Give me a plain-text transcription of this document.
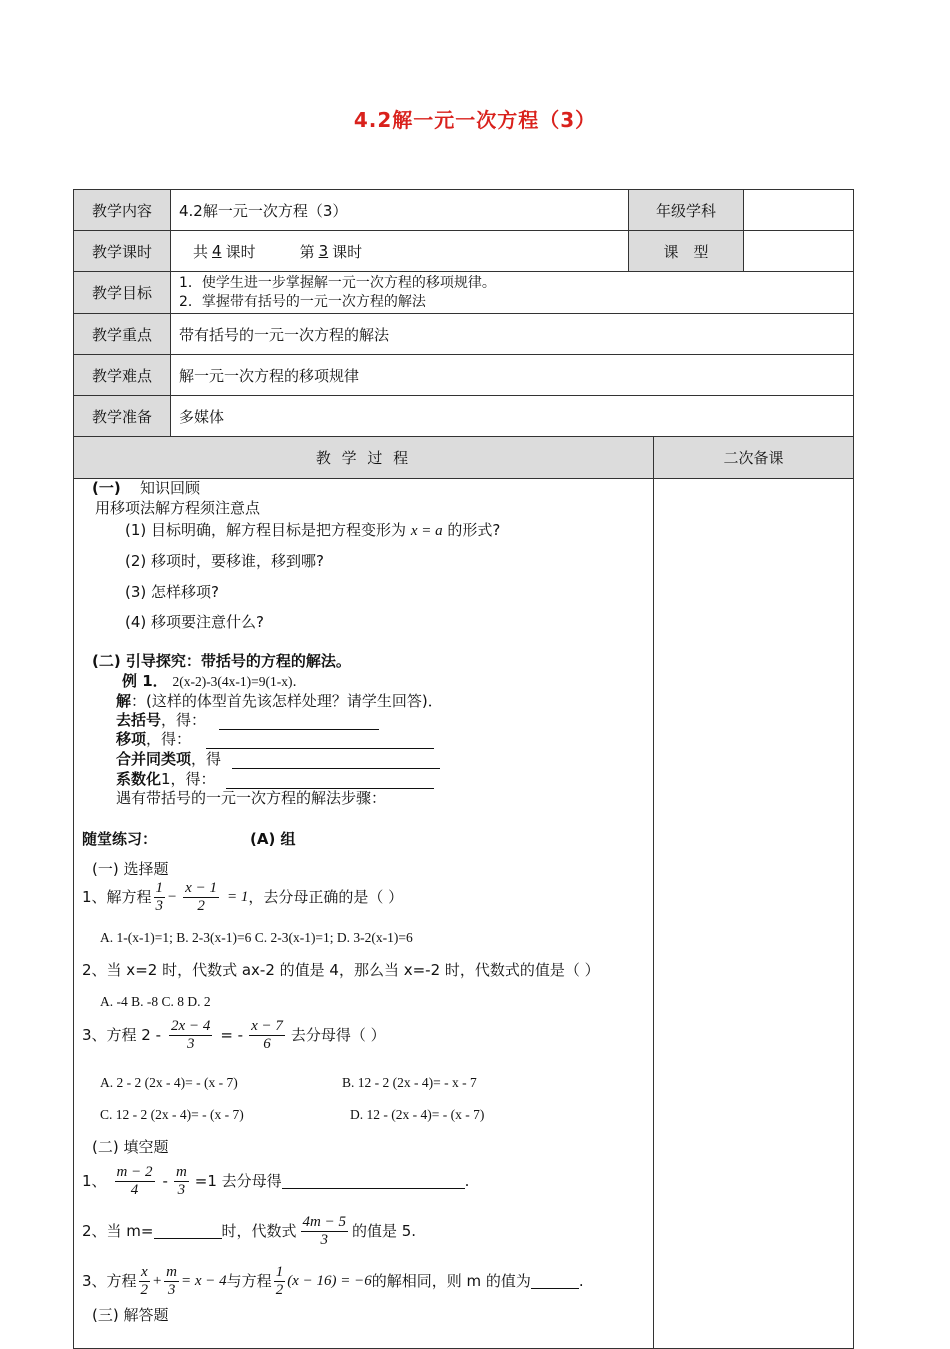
4.2解一元一次方程（3）
教学内容	4.2解一元一次方程（3）	年级学科
教学课时	共 4 课时	第 3 课时	课　型
教学目标
1．使学生进一步掌握解一元一次方程的移项规律。
2．掌握带有括号的一元一次方程的解法
教学重点	带有括号的一元一次方程的解法
教学难点	解一元一次方程的移项规律
教学准备	多媒体
教 学 过 程	二次备课
(一) 知识回顾
用移项法解方程须注意点
(1) 目标明确，解方程目标是把方程变形为 x = a 的形式?
(2) 移项时，要移谁，移到哪?
(3) 怎样移项?
(4) 移项要注意什么?
(二) 引导探究：带括号的方程的解法。
例 1． 2(x-2)-3(4x-1)=9(1-x)．
解：(这样的体型首先该怎样处理？请学生回答)．
去括号，得：
移项，得：
合并同类项，得
系数化1，得：
遇有带括号的一元一次方程的解法步骤：
随堂练习：	(A) 组
(一) 选择题
1、解方程 $\frac{1}{3} - \frac{x - 1}{2} = 1$ ，去分母正确的是（ ）
A. 1-(x-1)=1; B. 2-3(x-1)=6 C. 2-3(x-1)=1; D. 3-2(x-1)=6
2、当 x=2 时，代数式 ax-2 的值是 4，那么当 x=-2 时，代数式的值是（ ）
A. -4 B. -8 C. 8 D. 2
3、方程 $2 - \frac{2x - 4}{3}$ = - $\frac{x - 7}{6}$ 去分母得（ ）
A. 2 - 2 (2x - 4)= - (x - 7)	B. 12 - 2 (2x - 4)= - x - 7
C. 12 - 2 (2x - 4)= - (x - 7)	D. 12 - (2x - 4)= - (x - 7)
(二) 填空题
1、 $\frac{m - 2}{4} - \frac{m}{3} =1$ 去分母得	.
2、当 m=	时，代数式 $\frac{4m - 5}{3}$ 的值是 5.
3、方程 $\frac{x}{2} + \frac{m}{3} = x - 4$ 与方程 $\frac{1}{2} (x - 16) = -6$ 的解相同，则 m 的值为	.
(三) 解答题
